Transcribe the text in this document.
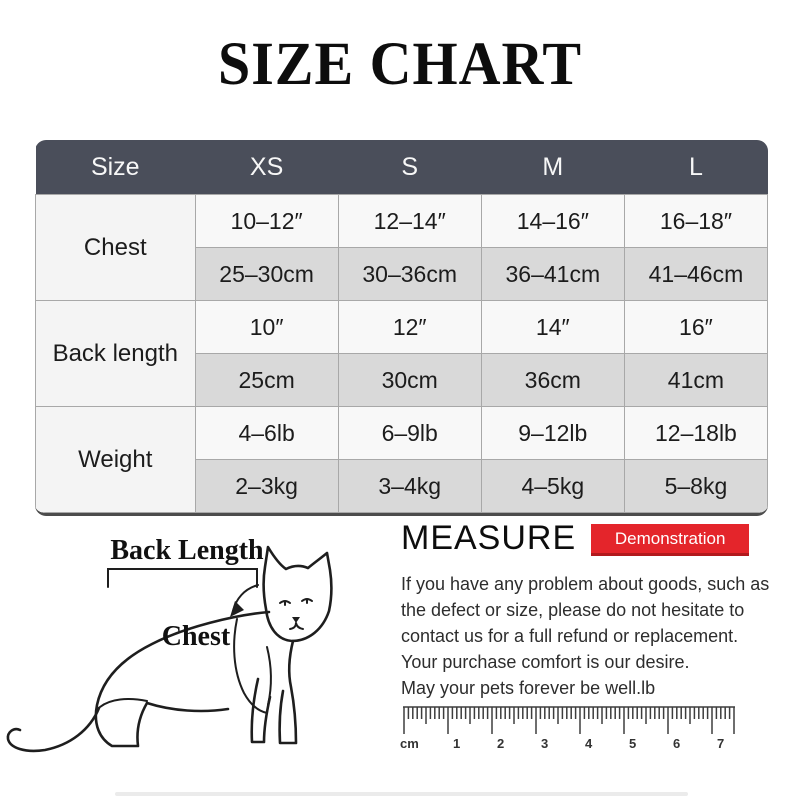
SIZE CHART
Size	XS	S	M	L
Chest	10–12″	12–14″	14–16″	16–18″
	25–30cm	30–36cm	36–41cm	41–46cm
Back length	10″	12″	14″	16″
	25cm	30cm	36cm	41cm
Weight	4–6lb	6–9lb	9–12lb	12–18lb
	2–3kg	3–4kg	4–5kg	5–8kg
Back Length
Chest
MEASURE	Demonstration
If you have any problem about goods, such as
the defect or size, please do not hesitate to
contact us for a full refund or replacement.
Your purchase comfort is our desire.
May your pets forever be well.lb
cm	1	2	3	4	5	6	7
